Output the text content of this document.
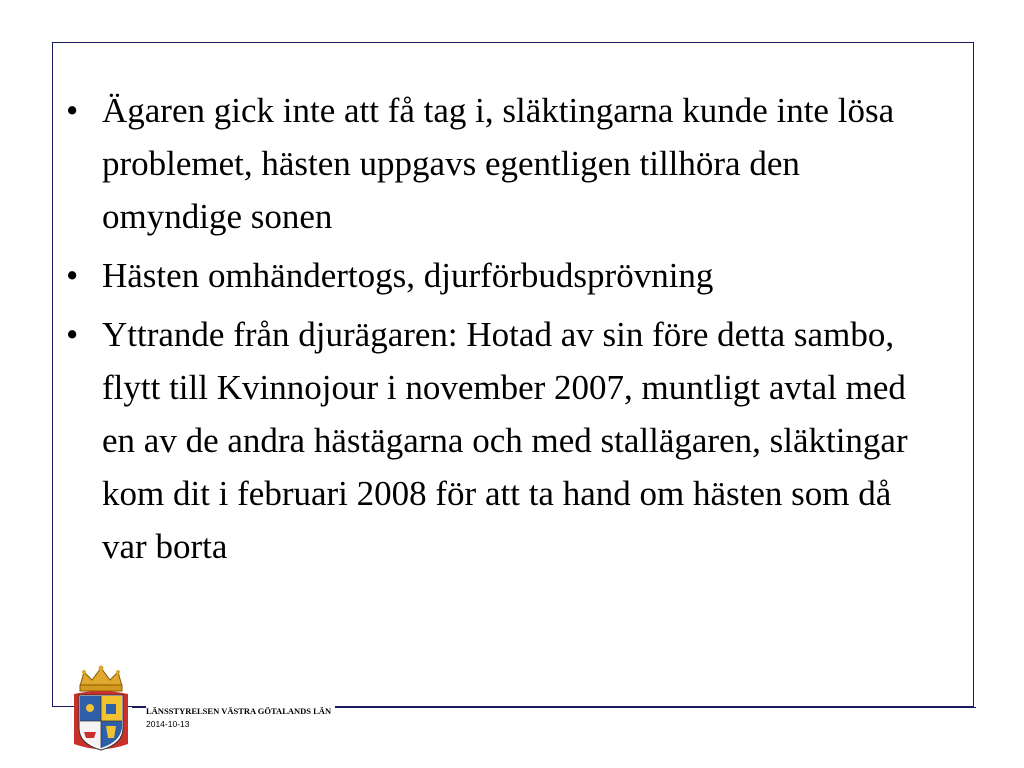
• Ägaren gick inte att få tag i, släktingarna kunde inte lösa problemet, hästen uppgavs egentligen tillhöra den omyndige sonen
• Hästen omhändertogs, djurförbudsprövning
• Yttrande från djurägaren: Hotad av sin före detta sambo, flytt till Kvinnojour i november 2007, muntligt avtal med en av de andra hästägarna och med stallägaren, släktingar kom dit i februari 2008 för att ta hand om hästen som då var borta
LÄNSSTYRELSEN VÄSTRA GÖTALANDS LÄN
2014-10-13
